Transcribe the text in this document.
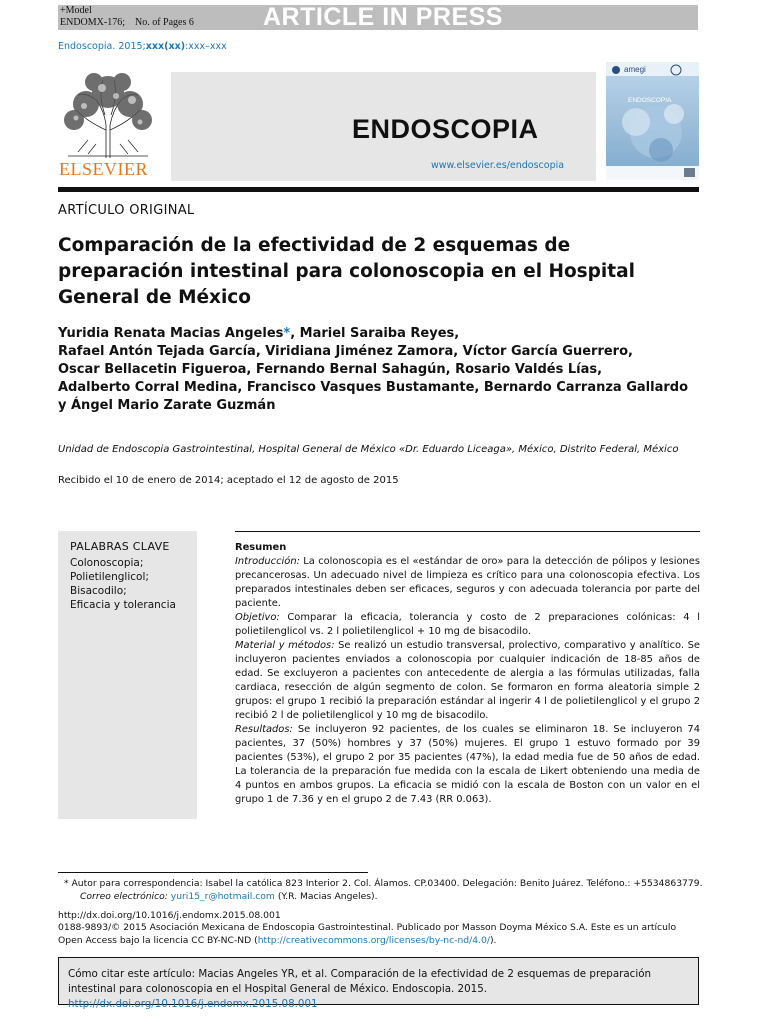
+Model
ENDOMX-176;    No. of Pages 6	ARTICLE IN PRESS
Endoscopia. 2015;xxx(xx):xxx–xxx
ELSEVIER
ENDOSCOPIA
www.elsevier.es/endoscopia
amegi
ENDOSCOPIA
ARTÍCULO ORIGINAL
Comparación de la efectividad de 2 esquemas de preparación intestinal para colonoscopia en el Hospital General de México
Yuridia Renata Macias Angeles*, Mariel Saraiba Reyes,
Rafael Antón Tejada García, Viridiana Jiménez Zamora, Víctor García Guerrero,
Oscar Bellacetin Figueroa, Fernando Bernal Sahagún, Rosario Valdés Lías,
Adalberto Corral Medina, Francisco Vasques Bustamante, Bernardo Carranza Gallardo
y Ángel Mario Zarate Guzmán
Unidad de Endoscopia Gastrointestinal, Hospital General de México «Dr. Eduardo Liceaga», México, Distrito Federal, México
Recibido el 10 de enero de 2014; aceptado el 12 de agosto de 2015
PALABRAS CLAVE
Colonoscopia;
Polietilenglicol;
Bisacodilo;
Eficacia y tolerancia
Resumen

Introducción: La colonoscopia es el «estándar de oro» para la detección de pólipos y lesiones precancerosas. Un adecuado nivel de limpieza es crítico para una colonoscopia efectiva. Los preparados intestinales deben ser eficaces, seguros y con adecuada tolerancia por parte del paciente.

Objetivo: Comparar la eficacia, tolerancia y costo de 2 preparaciones colónicas: 4 l polietilenglicol vs. 2 l polietilenglicol + 10 mg de bisacodilo.

Material y métodos: Se realizó un estudio transversal, prolectivo, comparativo y analítico. Se incluyeron pacientes enviados a colonoscopia por cualquier indicación de 18-85 años de edad. Se excluyeron a pacientes con antecedente de alergia a las fórmulas utilizadas, falla cardiaca, resección de algún segmento de colon. Se formaron en forma aleatoria simple 2 grupos: el grupo 1 recibió la preparación estándar al ingerir 4 l de polietilenglicol y el grupo 2 recibió 2 l de polietilenglicol y 10 mg de bisacodilo.

Resultados: Se incluyeron 92 pacientes, de los cuales se eliminaron 18. Se incluyeron 74 pacientes, 37 (50%) hombres y 37 (50%) mujeres. El grupo 1 estuvo formado por 39 pacientes (53%), el grupo 2 por 35 pacientes (47%), la edad media fue de 50 años de edad. La tolerancia de la preparación fue medida con la escala de Likert obteniendo una media de 4 puntos en ambos grupos. La eficacia se midió con la escala de Boston con un valor en el grupo 1 de 7.36 y en el grupo 2 de 7.43 (RR 0.063).

* Autor para correspondencia: Isabel la católica 823 Interior 2. Col. Álamos. CP.03400. Delegación: Benito Juárez. Teléfono.: +5534863779.
Correo electrónico: yuri15_r@hotmail.com (Y.R. Macias Angeles).
http://dx.doi.org/10.1016/j.endomx.2015.08.001
0188-9893/© 2015 Asociación Mexicana de Endoscopia Gastrointestinal. Publicado por Masson Doyma México S.A. Este es un artículo Open Access bajo la licencia CC BY-NC-ND (http://creativecommons.org/licenses/by-nc-nd/4.0/).
Cómo citar este artículo: Macias Angeles YR, et al. Comparación de la efectividad de 2 esquemas de preparación intestinal para colonoscopia en el Hospital General de México. Endoscopia. 2015. http://dx.doi.org/10.1016/j.endomx.2015.08.001
